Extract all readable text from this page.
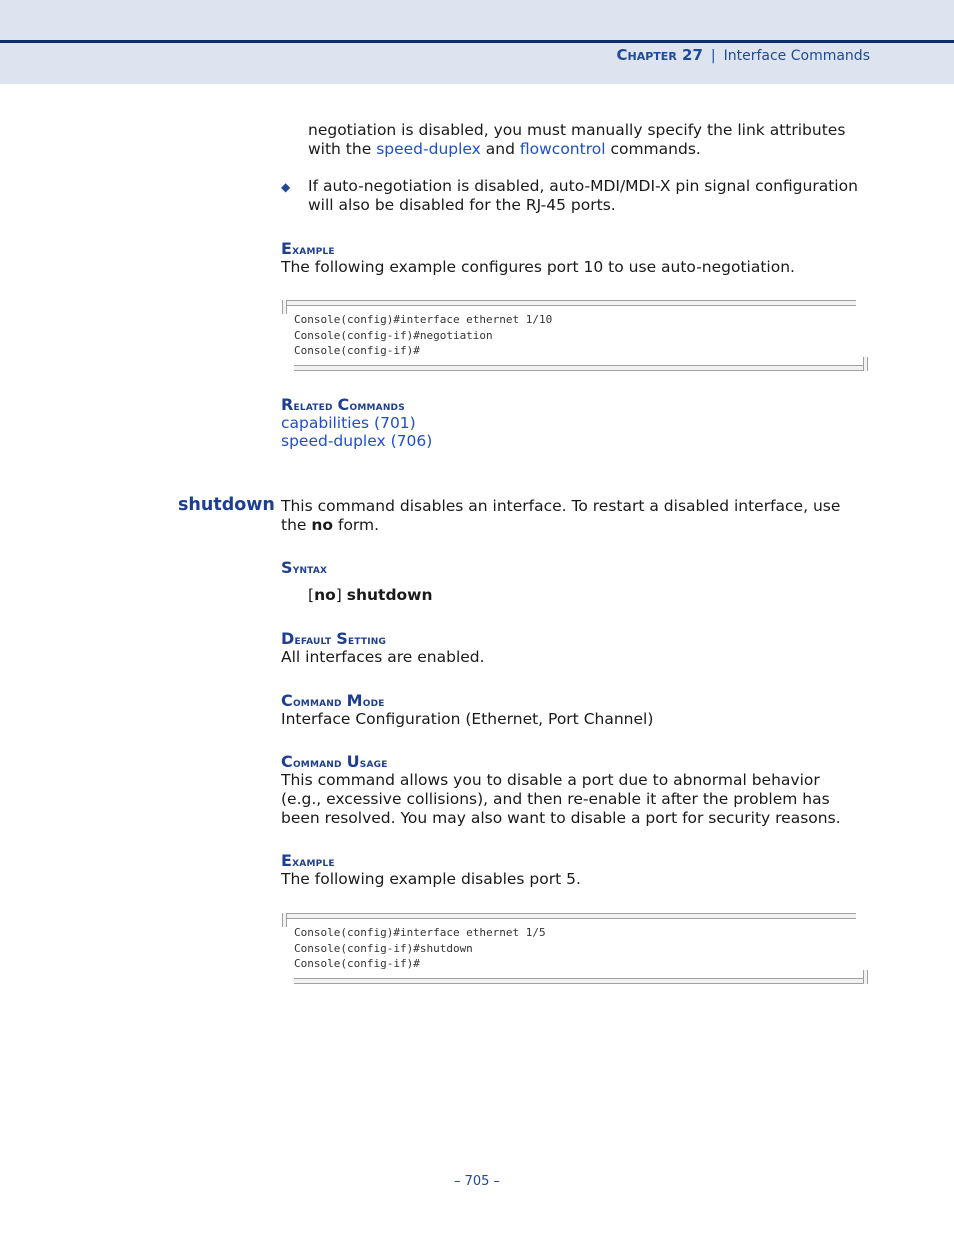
Chapter 27 | Interface Commands
negotiation is disabled, you must manually specify the link attributes
with the speed-duplex and flowcontrol commands.
◆ If auto-negotiation is disabled, auto-MDI/MDI-X pin signal configuration
will also be disabled for the RJ-45 ports.
Example
The following example configures port 10 to use auto-negotiation.
Console(config)#interface ethernet 1/10
Console(config-if)#negotiation
Console(config-if)#
Related Commands
capabilities (701)
speed-duplex (706)
shutdown This command disables an interface. To restart a disabled interface, use
the no form.
Syntax
[no] shutdown
Default Setting
All interfaces are enabled.
Command Mode
Interface Configuration (Ethernet, Port Channel)
Command Usage
This command allows you to disable a port due to abnormal behavior
(e.g., excessive collisions), and then re-enable it after the problem has
been resolved. You may also want to disable a port for security reasons.
Example
The following example disables port 5.
Console(config)#interface ethernet 1/5
Console(config-if)#shutdown
Console(config-if)#
– 705 –
